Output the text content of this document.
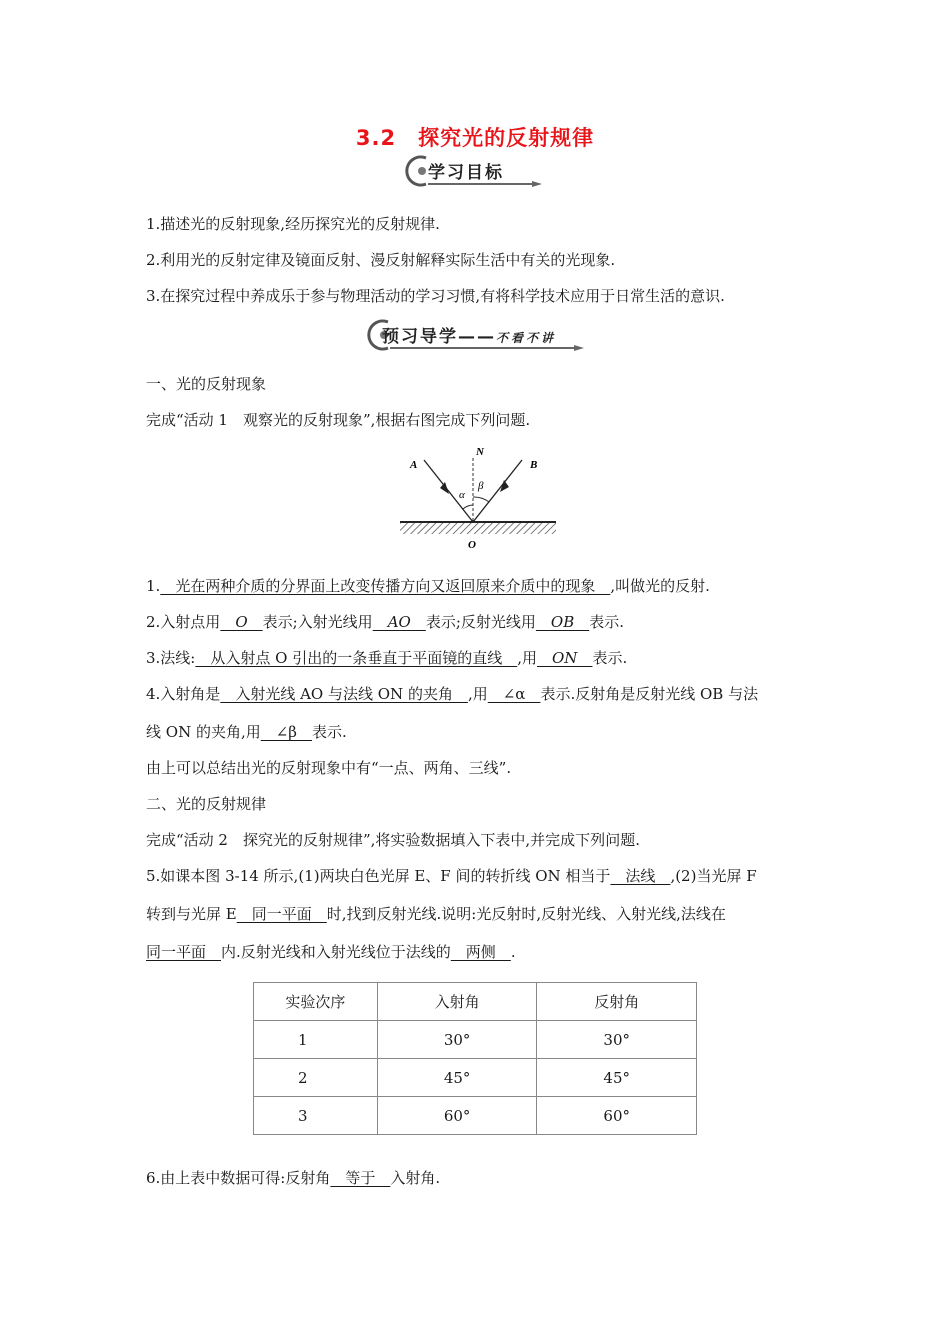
3.2　探究光的反射规律
学习目标
1.描述光的反射现象,经历探究光的反射规律.
2.利用光的反射定律及镜面反射、漫反射解释实际生活中有关的光现象.
3.在探究过程中养成乐于参与物理活动的学习习惯,有将科学技术应用于日常生活的意识.
预习导学——不看不讲
一、光的反射现象
完成“活动 1　观察光的反射现象”,根据右图完成下列问题.
A	B
N
O
α
β
1.　光在两种介质的分界面上改变传播方向又返回原来介质中的现象　,叫做光的反射.
2.入射点用　O　表示;入射光线用　AO　表示;反射光线用　OB　表示.
3.法线:　从入射点 O 引出的一条垂直于平面镜的直线　,用　ON　表示.
4.入射角是　入射光线 AO 与法线 ON 的夹角　,用　∠α　表示.反射角是反射光线 OB 与法
线 ON 的夹角,用　∠β　表示.
由上可以总结出光的反射现象中有“一点、两角、三线”.
二、光的反射规律
完成“活动 2　探究光的反射规律”,将实验数据填入下表中,并完成下列问题.
5.如课本图 3-14 所示,(1)两块白色光屏 E、F 间的转折线 ON 相当于　法线　,(2)当光屏 F
转到与光屏 E　同一平面　时,找到反射光线.说明:光反射时,反射光线、入射光线,法线在
同一平面　内.反射光线和入射光线位于法线的　两侧　.
实验次序	入射角	反射角
1	30°	30°
2	45°	45°
3	60°	60°
6.由上表中数据可得:反射角　等于　入射角.
